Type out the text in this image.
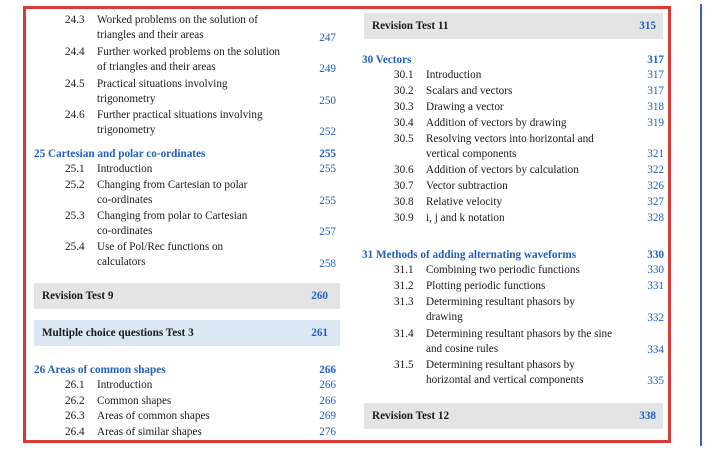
24.3 Worked problems on the solution of
triangles and their areas	247
24.4 Further worked problems on the solution
of triangles and their areas	249
24.5 Practical situations involving
trigonometry	250
24.6 Further practical situations involving
trigonometry	252
25 Cartesian and polar co-ordinates	255
25.1 Introduction	255
25.2 Changing from Cartesian to polar
co-ordinates	255
25.3 Changing from polar to Cartesian
co-ordinates	257
25.4 Use of Pol/Rec functions on
calculators	258
Revision Test 9	260
Multiple choice questions Test 3	261
26 Areas of common shapes	266
26.1 Introduction	266
26.2 Common shapes	266
26.3 Areas of common shapes	269
26.4 Areas of similar shapes	276
Revision Test 11	315
30 Vectors	317
30.1 Introduction	317
30.2 Scalars and vectors	317
30.3 Drawing a vector	318
30.4 Addition of vectors by drawing	319
30.5 Resolving vectors into horizontal and
vertical components	321
30.6 Addition of vectors by calculation	322
30.7 Vector subtraction	326
30.8 Relative velocity	327
30.9 i, j and k notation	328
31 Methods of adding alternating waveforms	330
31.1 Combining two periodic functions	330
31.2 Plotting periodic functions	331
31.3 Determining resultant phasors by
drawing	332
31.4 Determining resultant phasors by the sine
and cosine rules	334
31.5 Determining resultant phasors by
horizontal and vertical components	335
Revision Test 12	338
